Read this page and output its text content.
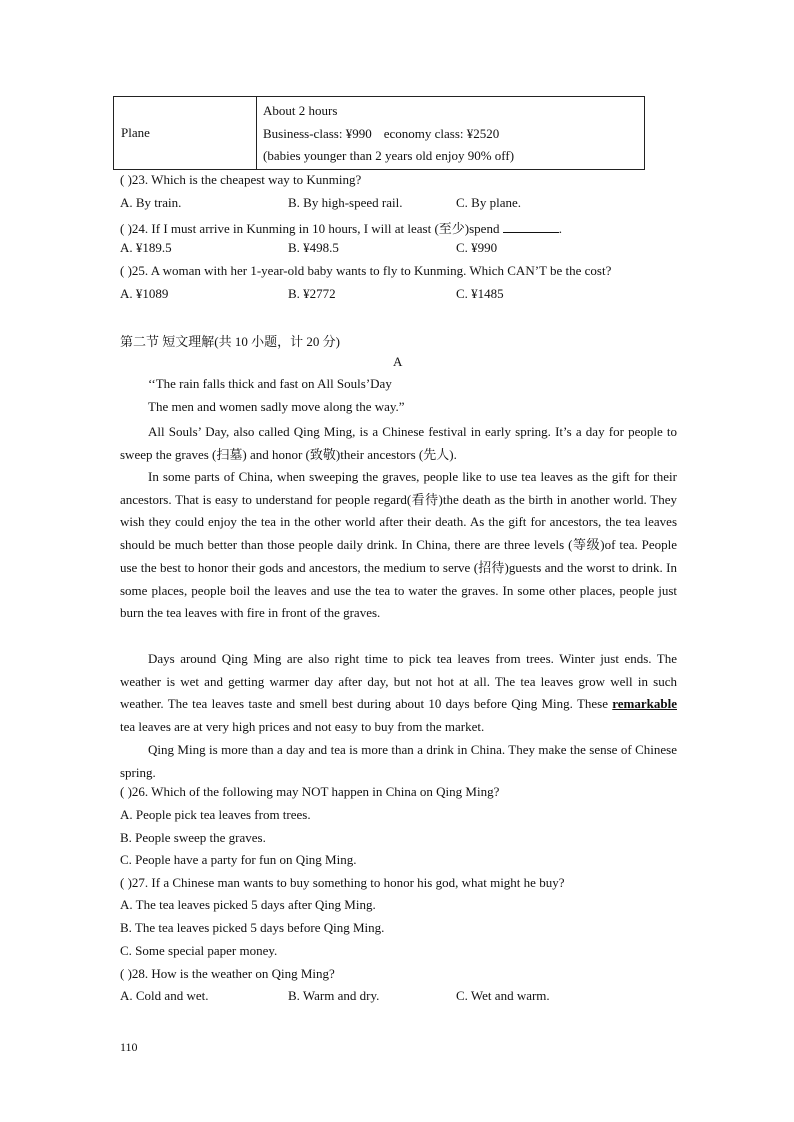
Plane	
About 2 hours
Business-class: ¥990 economy class: ¥2520
(babies younger than 2 years old enjoy 90% off)
( )23. Which is the cheapest way to Kunming?
A. By train.	B. By high-speed rail.	C. By plane.
( )24. If I must arrive in Kunming in 10 hours, I will at least (至少)spend	.
A. ¥189.5	B. ¥498.5	C. ¥990
( )25. A woman with her 1-year-old baby wants to fly to Kunming. Which CAN’T be the cost?
A. ¥1089	B. ¥2772	C. ¥1485
第二节 短文理解(共 10 小题，计 20 分)
A
‘‘The rain falls thick and fast on All Souls’Day
The men and women sadly move along the way.”
All Souls’ Day, also called Qing Ming, is a Chinese festival in early spring. It’s a day for people to sweep the graves (扫墓) and honor (致敬)their ancestors (先人).
In some parts of China, when sweeping the graves, people like to use tea leaves as the gift for their ancestors. That is easy to understand for people regard(看待)the death as the birth in another world. They wish they could enjoy the tea in the other world after their death. As the gift for ancestors, the tea leaves should be much better than those people daily drink. In China, there are three levels (等级)of tea. People use the best to honor their gods and ancestors, the medium to serve (招待)guests and the worst to drink. In some places, people boil the leaves and use the tea to water the graves. In some other places, people just burn the tea leaves with fire in front of the graves.
Days around Qing Ming are also right time to pick tea leaves from trees. Winter just ends. The weather is wet and getting warmer day after day, but not hot at all. The tea leaves grow well in such weather. The tea leaves taste and smell best during about 10 days before Qing Ming. These remarkable tea leaves are at very high prices and not easy to buy from the market.
Qing Ming is more than a day and tea is more than a drink in China. They make the sense of Chinese spring.
( )26. Which of the following may NOT happen in China on Qing Ming?
A. People pick tea leaves from trees.
B. People sweep the graves.
C. People have a party for fun on Qing Ming.
( )27. If a Chinese man wants to buy something to honor his god, what might he buy?
A. The tea leaves picked 5 days after Qing Ming.
B. The tea leaves picked 5 days before Qing Ming.
C. Some special paper money.
( )28. How is the weather on Qing Ming?
A. Cold and wet.	B. Warm and dry.	C. Wet and warm.
110
